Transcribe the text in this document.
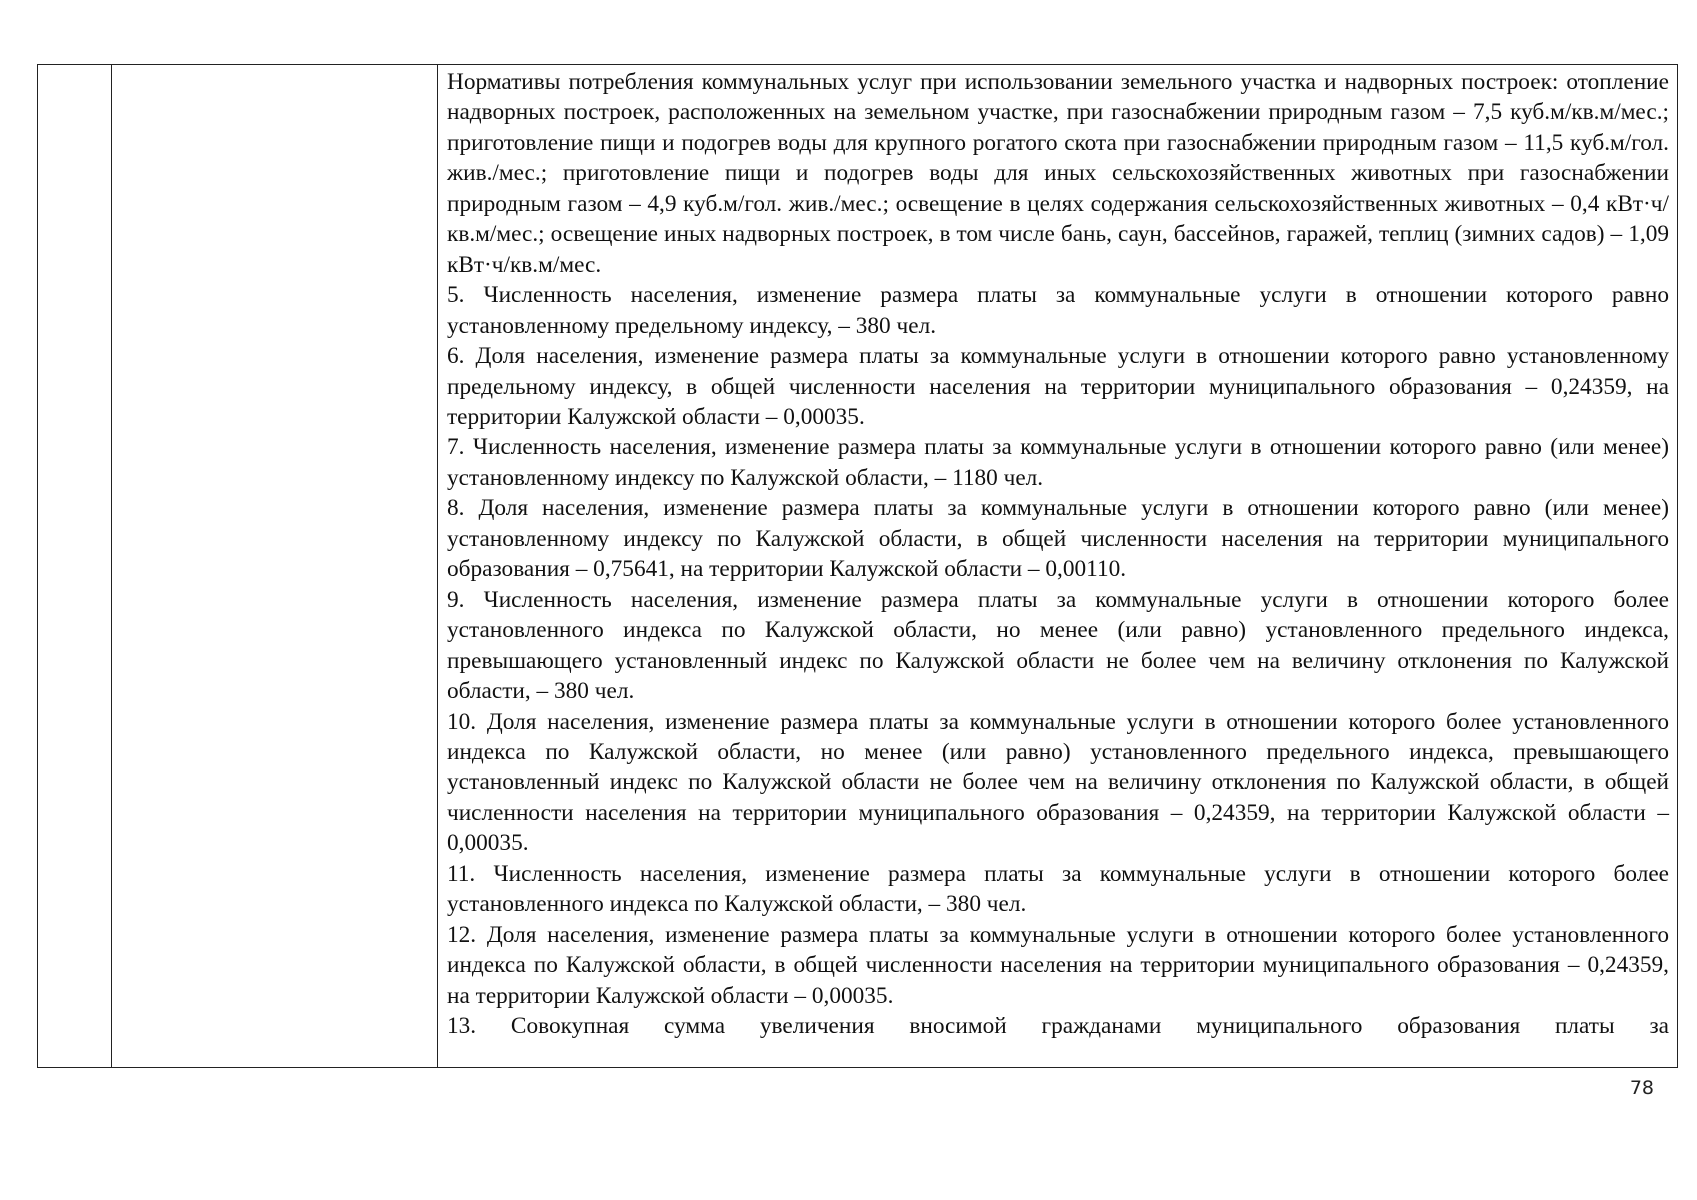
Нормативы потребления коммунальных услуг при использовании земельного участка и надворных построек: отопление надворных построек, расположенных на земельном участке, при газоснабжении природным газом – 7,5 куб.м/кв.м/мес.; приготовление пищи и подогрев воды для крупного рогатого скота при газоснабжении природным газом – 11,5 куб.м/гол. жив./мес.; приготовление пищи и подогрев воды для иных сельскохозяйственных животных при газоснабжении природным газом – 4,9 куб.м/гол. жив./мес.; освещение в целях содержания сельскохозяйственных животных – 0,4 кВт·ч/кв.м/мес.; освещение иных надворных построек, в том числе бань, саун, бассейнов, гаражей, теплиц (зимних садов) – 1,09 кВт·ч/кв.м/мес.

5. Численность населения, изменение размера платы за коммунальные услуги в отношении которого равно установленному предельному индексу, – 380 чел.

6. Доля населения, изменение размера платы за коммунальные услуги в отношении которого равно установленному предельному индексу, в общей численности населения на территории муниципального образования – 0,24359, на территории Калужской области – 0,00035.

7. Численность населения, изменение размера платы за коммунальные услуги в отношении которого равно (или менее) установленному индексу по Калужской области, – 1180 чел.

8. Доля населения, изменение размера платы за коммунальные услуги в отношении которого равно (или менее) установленному индексу по Калужской области, в общей численности населения на территории муниципального образования – 0,75641, на территории Калужской области – 0,00110.

9. Численность населения, изменение размера платы за коммунальные услуги в отношении которого более установленного индекса по Калужской области, но менее (или равно) установленного предельного индекса, превышающего установленный индекс по Калужской области не более чем на величину отклонения по Калужской области, – 380 чел.

10. Доля населения, изменение размера платы за коммунальные услуги в отношении которого более установленного индекса по Калужской области, но менее (или равно) установленного предельного индекса, превышающего установленный индекс по Калужской области не более чем на величину отклонения по Калужской области, в общей численности населения на территории муниципального образования – 0,24359, на территории Калужской области – 0,00035.

11. Численность населения, изменение размера платы за коммунальные услуги в отношении которого более установленного индекса по Калужской области, – 380 чел.

12. Доля населения, изменение размера платы за коммунальные услуги в отношении которого более установленного индекса по Калужской области, в общей численности населения на территории муниципального образования – 0,24359, на территории Калужской области – 0,00035.

13. Совокупная сумма увеличения вносимой гражданами муниципального образования платы за

78
